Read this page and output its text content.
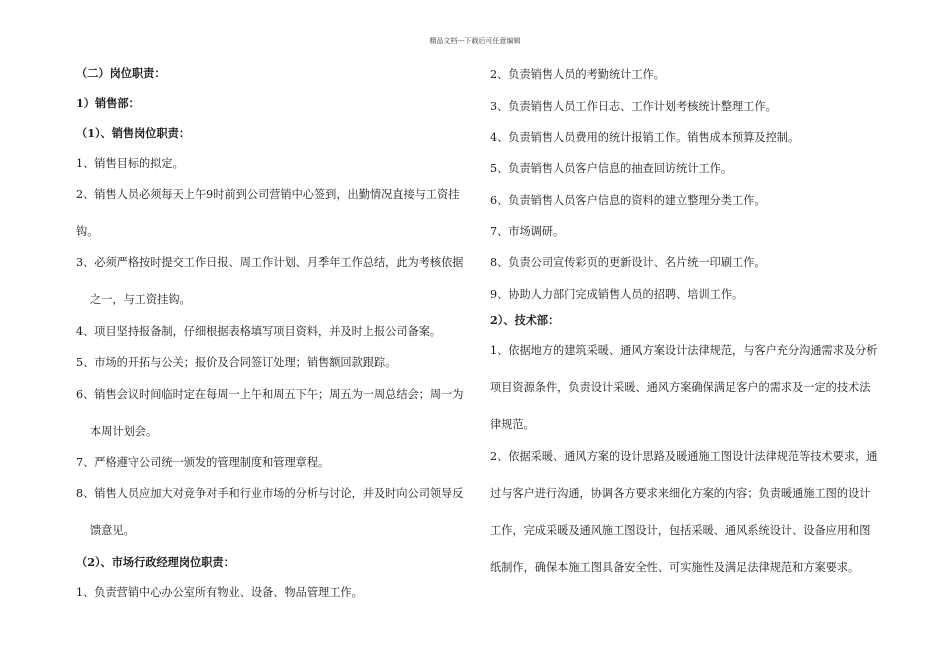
精品文档---下载后可任意编辑
（二）岗位职责：
1）销售部：
（1）、销售岗位职责：
1、销售目标的拟定。
2、销售人员必须每天上午9时前到公司营销中心签到，出勤情况直接与工资挂
钩。
3、必须严格按时提交工作日报、周工作计划、月季年工作总结，此为考核依据
之一，与工资挂钩。
4、项目坚持报备制，仔细根据表格填写项目资料，并及时上报公司备案。
5、市场的开拓与公关；报价及合同签订处理；销售额回款跟踪。
6、销售会议时间临时定在每周一上午和周五下午；周五为一周总结会；周一为
本周计划会。
7、严格遵守公司统一颁发的管理制度和管理章程。
8、销售人员应加大对竞争对手和行业市场的分析与讨论，并及时向公司领导反
馈意见。
（2）、市场行政经理岗位职责：
1、负责营销中心办公室所有物业、设备、物品管理工作。
2、负责销售人员的考勤统计工作。
3、负责销售人员工作日志、工作计划考核统计整理工作。
4、负责销售人员费用的统计报销工作。销售成本预算及控制。
5、负责销售人员客户信息的抽查回访统计工作。
6、负责销售人员客户信息的资料的建立整理分类工作。
7、市场调研。
8、负责公司宣传彩页的更新设计、名片统一印刷工作。
9、协助人力部门完成销售人员的招聘、培训工作。
2）、技术部：
1、依据地方的建筑采暖、通风方案设计法律规范，与客户充分沟通需求及分析
项目资源条件，负责设计采暖、通风方案确保满足客户的需求及一定的技术法
律规范。
2、依据采暖、通风方案的设计思路及暖通施工图设计法律规范等技术要求，通
过与客户进行沟通，协调各方要求来细化方案的内容；负责暖通施工图的设计
工作，完成采暖及通风施工图设计，包括采暖、通风系统设计、设备应用和图
纸制作，确保本施工图具备安全性、可实施性及满足法律规范和方案要求。
